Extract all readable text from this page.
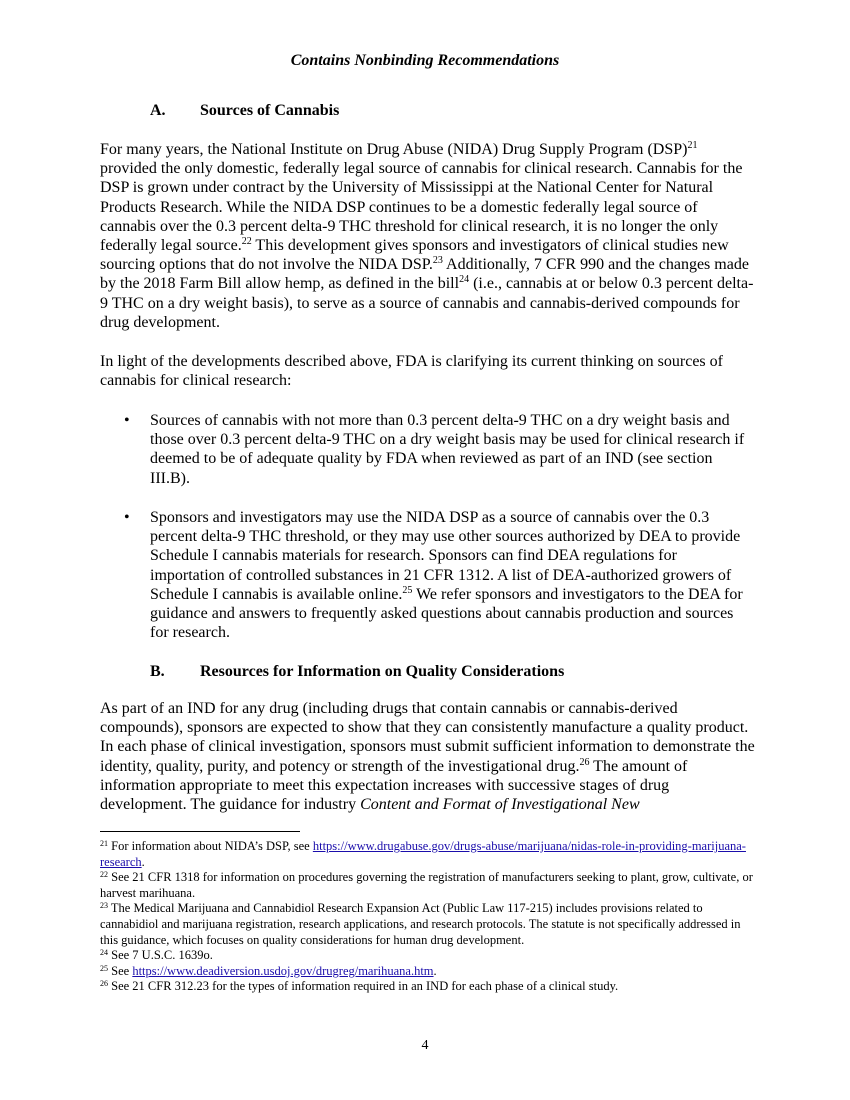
Contains Nonbinding Recommendations
A. Sources of Cannabis

For many years, the National Institute on Drug Abuse (NIDA) Drug Supply Program (DSP)$^{21}$ provided the only domestic, federally legal source of cannabis for clinical research. Cannabis for the DSP is grown under contract by the University of Mississippi at the National Center for Natural Products Research. While the NIDA DSP continues to be a domestic federally legal source of cannabis over the 0.3 percent delta-9 THC threshold for clinical research, it is no longer the only federally legal source.$^{22}$ This development gives sponsors and investigators of clinical studies new sourcing options that do not involve the NIDA DSP.$^{23}$ Additionally, 7 CFR 990 and the changes made by the 2018 Farm Bill allow hemp, as defined in the bill$^{24}$ (i.e., cannabis at or below 0.3 percent delta-9 THC on a dry weight basis), to serve as a source of cannabis and cannabis-derived compounds for drug development.

In light of the developments described above, FDA is clarifying its current thinking on sources of cannabis for clinical research:

• Sources of cannabis with not more than 0.3 percent delta-9 THC on a dry weight basis and those over 0.3 percent delta-9 THC on a dry weight basis may be used for clinical research if deemed to be of adequate quality by FDA when reviewed as part of an IND (see section III.B).
• Sponsors and investigators may use the NIDA DSP as a source of cannabis over the 0.3 percent delta-9 THC threshold, or they may use other sources authorized by DEA to provide Schedule I cannabis materials for research. Sponsors can find DEA regulations for importation of controlled substances in 21 CFR 1312. A list of DEA-authorized growers of Schedule I cannabis is available online.$^{25}$ We refer sponsors and investigators to the DEA for guidance and answers to frequently asked questions about cannabis production and sources for research.
B. Resources for Information on Quality Considerations

As part of an IND for any drug (including drugs that contain cannabis or cannabis-derived compounds), sponsors are expected to show that they can consistently manufacture a quality product. In each phase of clinical investigation, sponsors must submit sufficient information to demonstrate the identity, quality, purity, and potency or strength of the investigational drug.$^{26}$ The amount of information appropriate to meet this expectation increases with successive stages of drug development. The guidance for industry Content and Format of Investigational New

$^{21}$ For information about NIDA’s DSP, see https://www.drugabuse.gov/drugs-abuse/marijuana/nidas-role-in-providing-marijuana-research.
$^{22}$ See 21 CFR 1318 for information on procedures governing the registration of manufacturers seeking to plant, grow, cultivate, or harvest marihuana.
$^{23}$ The Medical Marijuana and Cannabidiol Research Expansion Act (Public Law 117-215) includes provisions related to cannabidiol and marijuana registration, research applications, and research protocols. The statute is not specifically addressed in this guidance, which focuses on quality considerations for human drug development.
$^{24}$ See 7 U.S.C. 1639o.
$^{25}$ See https://www.deadiversion.usdoj.gov/drugreg/marihuana.htm.
$^{26}$ See 21 CFR 312.23 for the types of information required in an IND for each phase of a clinical study.
4
